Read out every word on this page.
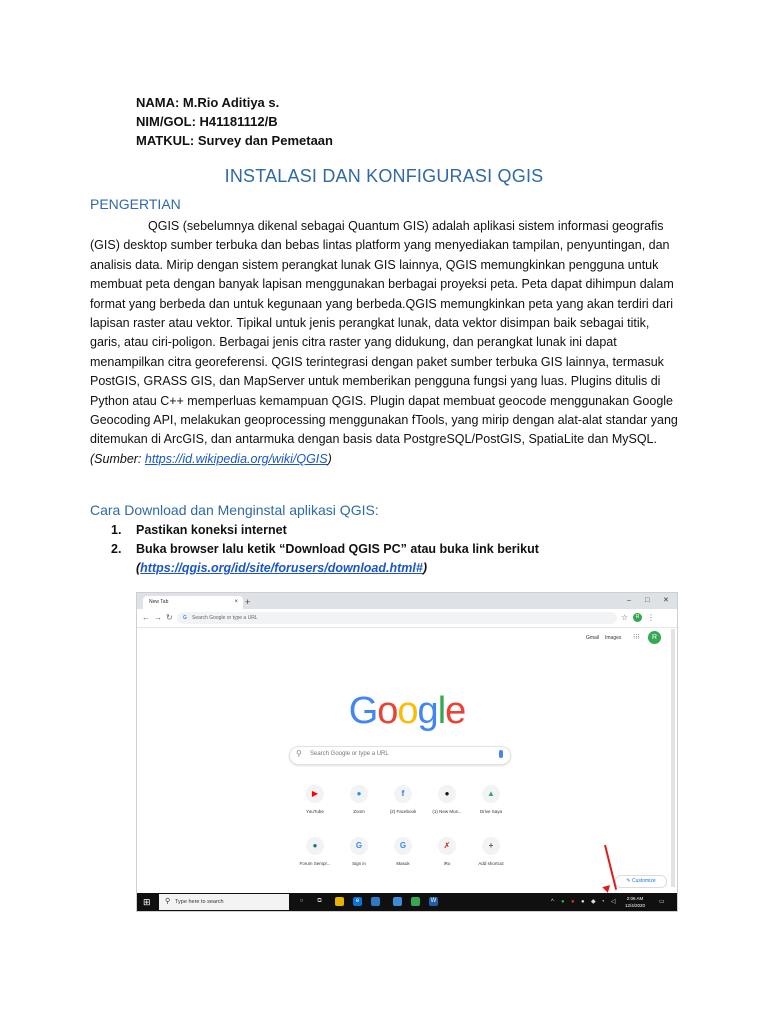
NAMA: M.Rio Aditiya s.
NIM/GOL: H41181112/B
MATKUL: Survey dan Pemetaan
INSTALASI DAN KONFIGURASI QGIS
PENGERTIAN
QGIS (sebelumnya dikenal sebagai Quantum GIS) adalah aplikasi sistem informasi geografis (GIS) desktop sumber terbuka dan bebas lintas platform yang menyediakan tampilan, penyuntingan, dan analisis data. Mirip dengan sistem perangkat lunak GIS lainnya, QGIS memungkinkan pengguna untuk membuat peta dengan banyak lapisan menggunakan berbagai proyeksi peta. Peta dapat dihimpun dalam format yang berbeda dan untuk kegunaan yang berbeda.QGIS memungkinkan peta yang akan terdiri dari lapisan raster atau vektor. Tipikal untuk jenis perangkat lunak, data vektor disimpan baik sebagai titik, garis, atau ciri-poligon. Berbagai jenis citra raster yang didukung, dan perangkat lunak ini dapat menampilkan citra georeferensi. QGIS terintegrasi dengan paket sumber terbuka GIS lainnya, termasuk PostGIS, GRASS GIS, dan MapServer untuk memberikan pengguna fungsi yang luas. Plugins ditulis di Python atau C++ memperluas kemampuan QGIS. Plugin dapat membuat geocode menggunakan Google Geocoding API, melakukan geoprocessing menggunakan fTools, yang mirip dengan alat-alat standar yang ditemukan di ArcGIS, dan antarmuka dengan basis data PostgreSQL/PostGIS, SpatiaLite dan MySQL. (Sumber: https://id.wikipedia.org/wiki/QGIS)
Cara Download dan Menginstal aplikasi QGIS:
1. Pastikan koneksi internet
2. Buka browser lalu ketik “Download QGIS PC” atau buka link berikut
(https://qgis.org/id/site/forusers/download.html#)
New Tab	× +	– □ ✕
← → ↻ G Search Google or type a URL	☆	R ⋮
Gmail Images ⁝⁝⁝	R
Google
⚲ Search Google or type a URL
▶
YouTube
●
Zoom
f
(2) Facebook
●
(1) New Mus...
▲
Drive Saya
●
Forum Sempr...
G
Sign in
G
Masuk
✗
iRo
+
Add shortcut
✎ Customize
⊞ ⚲ Type here to search	○	⧉	e	W	^ ● ● ● ◆ ◔ ◁
2:06 AM
12/4/2020
▭
